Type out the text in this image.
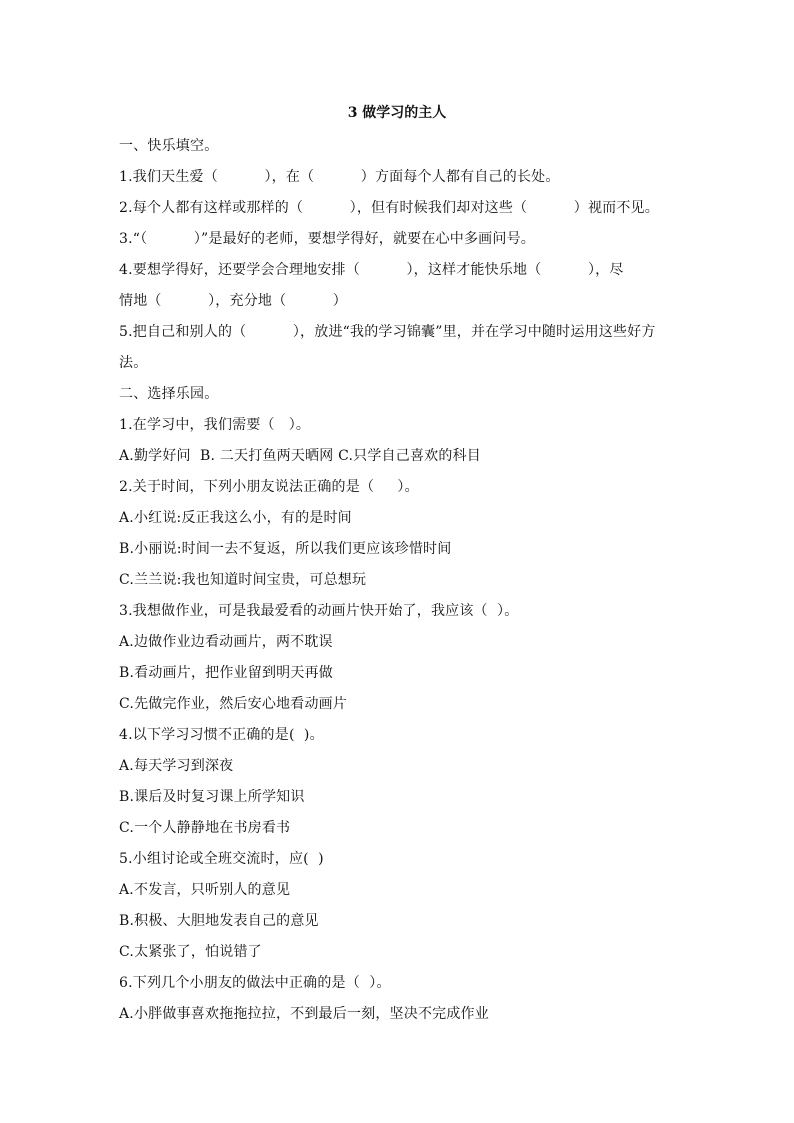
3 做学习的主人

一、快乐填空。

1.我们天生爱（          ），在（          ）方面每个人都有自己的长处。

2.每个人都有这样或那样的（          ），但有时候我们却对这些（          ）视而不见。

3.“（          ）”是最好的老师，要想学得好，就要在心中多画问号。

4.要想学得好，还要学会合理地安排（          ），这样才能快乐地（          ），尽

情地（          ），充分地（          ）

5.把自己和别人的（          ），放进“我的学习锦囊”里，并在学习中随时运用这些好方

法。

二、选择乐园。

1.在学习中，我们需要（   ）。

A.勤学好问  B. 二天打鱼两天晒网 C.只学自己喜欢的科目

2.关于时间，下列小朋友说法正确的是（     ）。

A.小红说:反正我这么小，有的是时间

B.小丽说:时间一去不复返，所以我们更应该珍惜时间

C.兰兰说:我也知道时间宝贵，可总想玩

3.我想做作业，可是我最爱看的动画片快开始了，我应该（  ）。

A.边做作业边看动画片，两不耽误

B.看动画片，把作业留到明天再做

C.先做完作业，然后安心地看动画片

4.以下学习习惯不正确的是(  )。

A.每天学习到深夜

B.课后及时复习课上所学知识

C.一个人静静地在书房看书

5.小组讨论或全班交流时，应(  )

A.不发言，只听别人的意见

B.积极、大胆地发表自己的意见

C.太紧张了，怕说错了

6.下列几个小朋友的做法中正确的是（  ）。

A.小胖做事喜欢拖拖拉拉，不到最后一刻，坚决不完成作业
